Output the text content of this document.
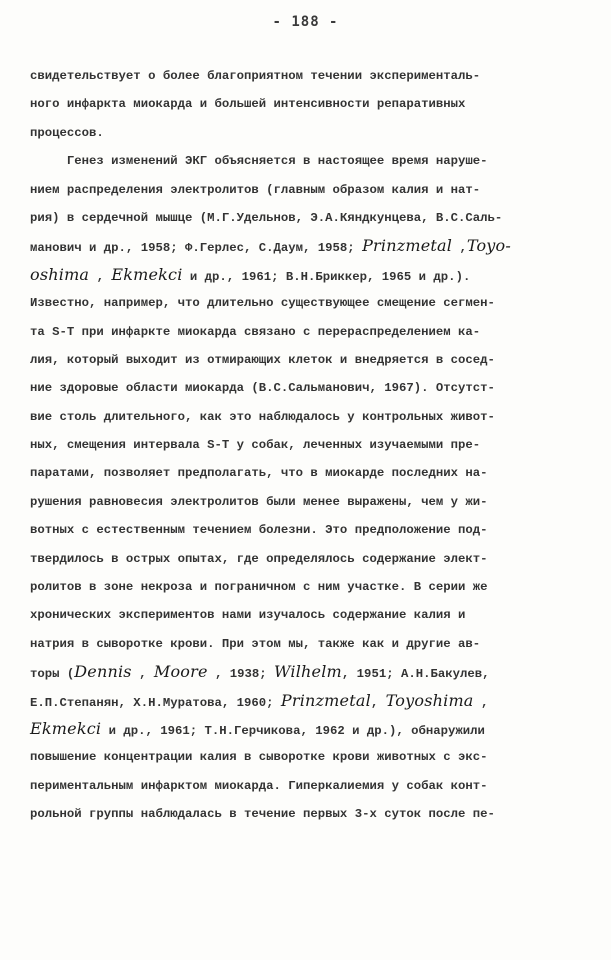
- 188 -
свидетельствует о более благоприятном течении эксперименталь-
ного инфаркта миокарда и большей интенсивности репаративных
процессов.
Генез изменений ЭКГ объясняется в настоящее время наруше-
нием распределения электролитов (главным образом калия и нат-
рия) в сердечной мышце (М.Г.Удельнов, Э.А.Кяндкунцева, В.С.Саль-
манович и др., 1958; Ф.Герлес, С.Даум, 1958; Prinzmetal ,Toyo-
oshima , Ekmekci и др., 1961; В.Н.Бриккер, 1965 и др.).
Известно, например, что длительно существующее смещение сегмен-
та S-T при инфаркте миокарда связано с перераспределением ка-
лия, который выходит из отмирающих клеток и внедряется в сосед-
ние здоровые области миокарда (В.С.Сальманович, 1967). Отсутст-
вие столь длительного, как это наблюдалось у контрольных живот-
ных, смещения интервала S-T у собак, леченных изучаемыми пре-
паратами, позволяет предполагать, что в миокарде последних на-
рушения равновесия электролитов были менее выражены, чем у жи-
вотных с естественным течением болезни. Это предположение под-
твердилось в острых опытах, где определялось содержание элект-
ролитов в зоне некроза и пограничном с ним участке. В серии же
хронических экспериментов нами изучалось содержание калия и
натрия в сыворотке крови. При этом мы, также как и другие ав-
торы (Dennis , Moore , 1938; Wilhelm, 1951; А.Н.Бакулев,
Е.П.Степанян, Х.Н.Муратова, 1960; Prinzmetal, Toyoshima ,
Ekmekci и др., 1961; Т.Н.Герчикова, 1962 и др.), обнаружили
повышение концентрации калия в сыворотке крови животных с экс-
периментальным инфарктом миокарда. Гиперкалиемия у собак конт-
рольной группы наблюдалась в течение первых 3-х суток после пе-
